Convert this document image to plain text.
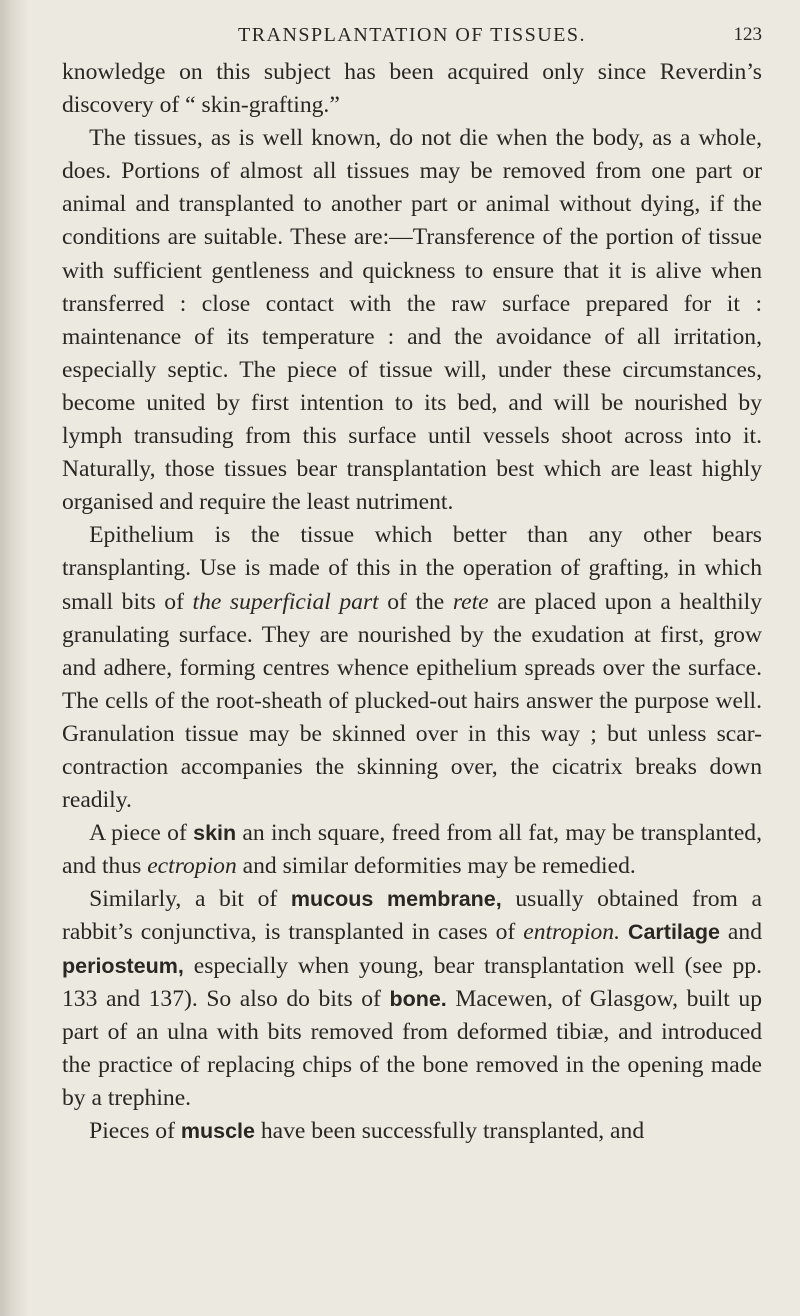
TRANSPLANTATION OF TISSUES.	123

knowledge on this subject has been acquired only since Reverdin’s discovery of “ skin-grafting.”

The tissues, as is well known, do not die when the body, as a whole, does. Portions of almost all tissues may be removed from one part or animal and transplanted to another part or animal without dying, if the conditions are suitable. These are:—Transference of the portion of tissue with sufficient gentleness and quickness to ensure that it is alive when transferred : close contact with the raw surface prepared for it : maintenance of its temperature : and the avoidance of all irritation, especially septic. The piece of tissue will, under these circumstances, become united by first intention to its bed, and will be nourished by lymph transuding from this surface until vessels shoot across into it. Naturally, those tissues bear transplantation best which are least highly organised and require the least nutriment.

Epithelium is the tissue which better than any other bears transplanting. Use is made of this in the operation of grafting, in which small bits of the superficial part of the rete are placed upon a healthily granulating surface. They are nourished by the exudation at first, grow and adhere, forming centres whence epithelium spreads over the surface. The cells of the root-sheath of plucked-out hairs answer the purpose well. Granulation tissue may be skinned over in this way ; but unless scar-contraction accompanies the skinning over, the cicatrix breaks down readily.

A piece of skin an inch square, freed from all fat, may be transplanted, and thus ectropion and similar deformities may be remedied.

Similarly, a bit of mucous membrane, usually obtained from a rabbit’s conjunctiva, is transplanted in cases of entropion. Cartilage and periosteum, especially when young, bear transplantation well (see pp. 133 and 137). So also do bits of bone. Macewen, of Glasgow, built up part of an ulna with bits removed from deformed tibiæ, and introduced the practice of replacing chips of the bone removed in the opening made by a trephine.

Pieces of muscle have been successfully transplanted, and
